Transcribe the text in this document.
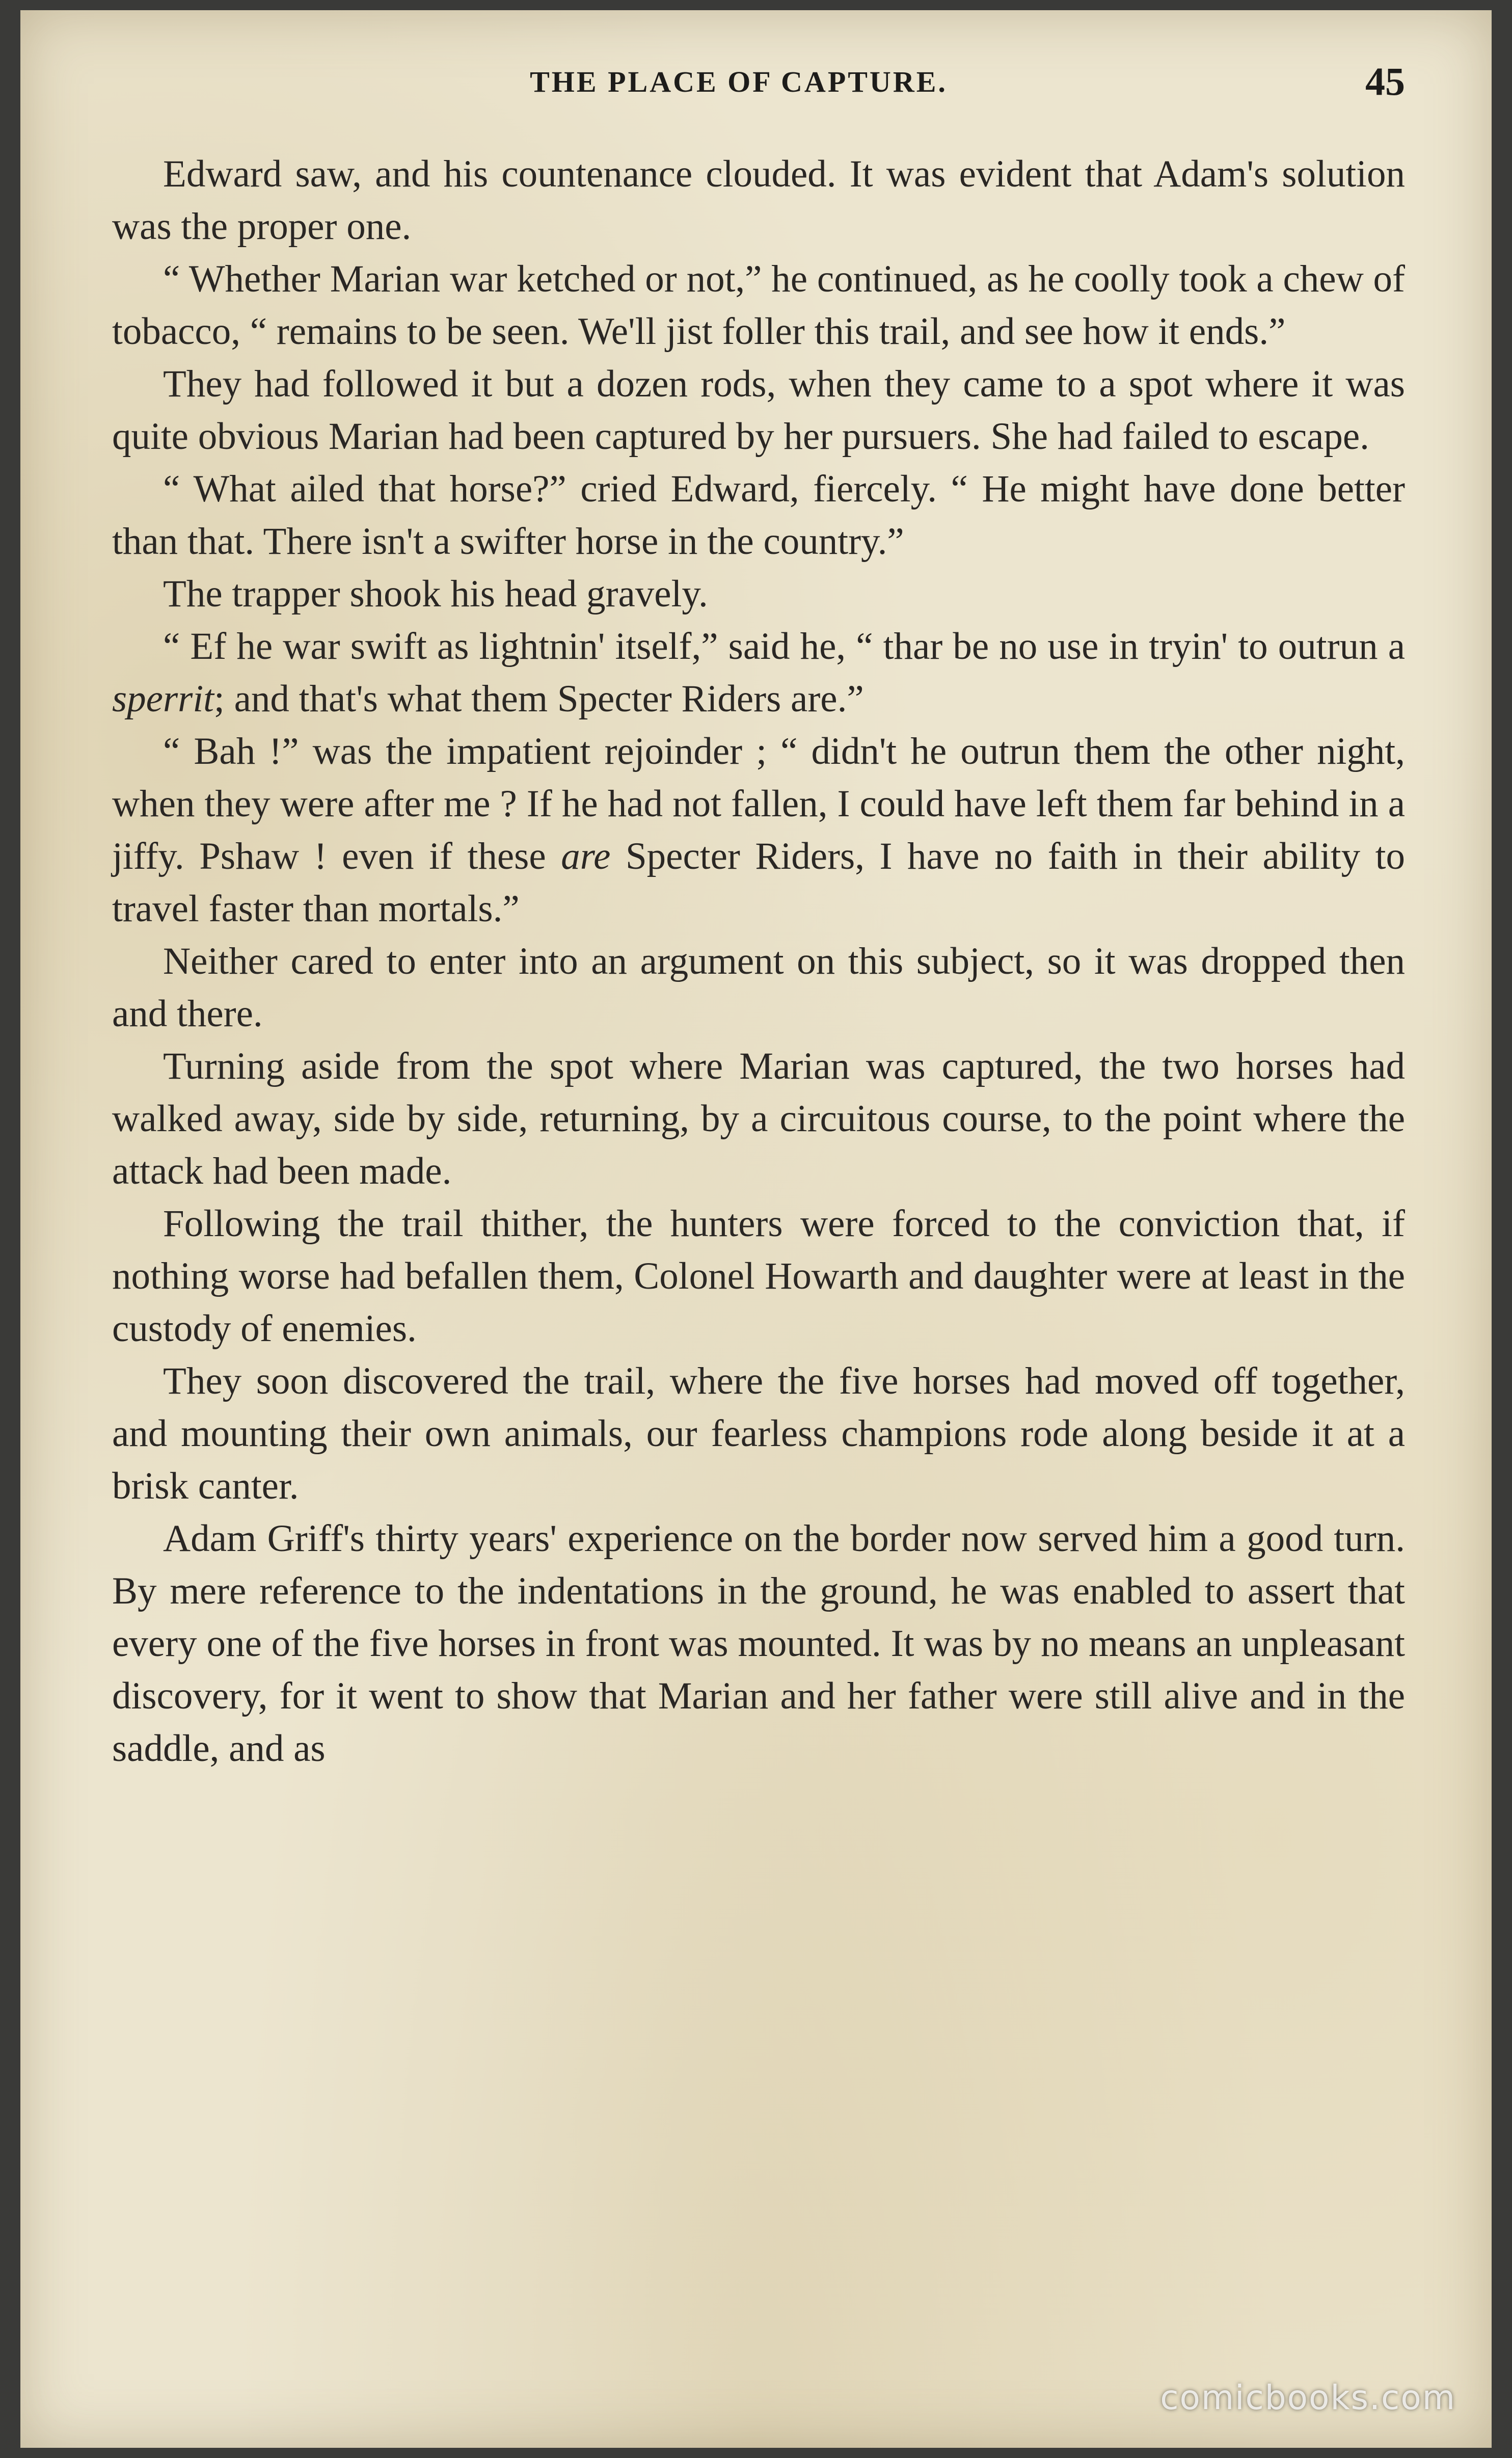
THE PLACE OF CAPTURE.	45

Edward saw, and his countenance clouded. It was evident that Adam's solution was the proper one.

“ Whether Marian war ketched or not,” he continued, as he coolly took a chew of tobacco, “ remains to be seen. We'll jist foller this trail, and see how it ends.”

They had followed it but a dozen rods, when they came to a spot where it was quite obvious Marian had been captured by her pursuers. She had failed to escape.

“ What ailed that horse?” cried Edward, fiercely. “ He might have done better than that. There isn't a swifter horse in the country.”

The trapper shook his head gravely.

“ Ef he war swift as lightnin' itself,” said he, “ thar be no use in tryin' to outrun a sperrit; and that's what them Specter Riders are.”

“ Bah !” was the impatient rejoinder ; “ didn't he outrun them the other night, when they were after me ? If he had not fallen, I could have left them far behind in a jiffy. Pshaw ! even if these are Specter Riders, I have no faith in their ability to travel faster than mortals.”

Neither cared to enter into an argument on this subject, so it was dropped then and there.

Turning aside from the spot where Marian was captured, the two horses had walked away, side by side, returning, by a circuitous course, to the point where the attack had been made.

Following the trail thither, the hunters were forced to the conviction that, if nothing worse had befallen them, Colonel Howarth and daughter were at least in the custody of enemies.

They soon discovered the trail, where the five horses had moved off together, and mounting their own animals, our fearless champions rode along beside it at a brisk canter.

Adam Griff's thirty years' experience on the border now served him a good turn. By mere reference to the indentations in the ground, he was enabled to assert that every one of the five horses in front was mounted. It was by no means an unpleasant discovery, for it went to show that Marian and her father were still alive and in the saddle, and as

comicbooks.com
